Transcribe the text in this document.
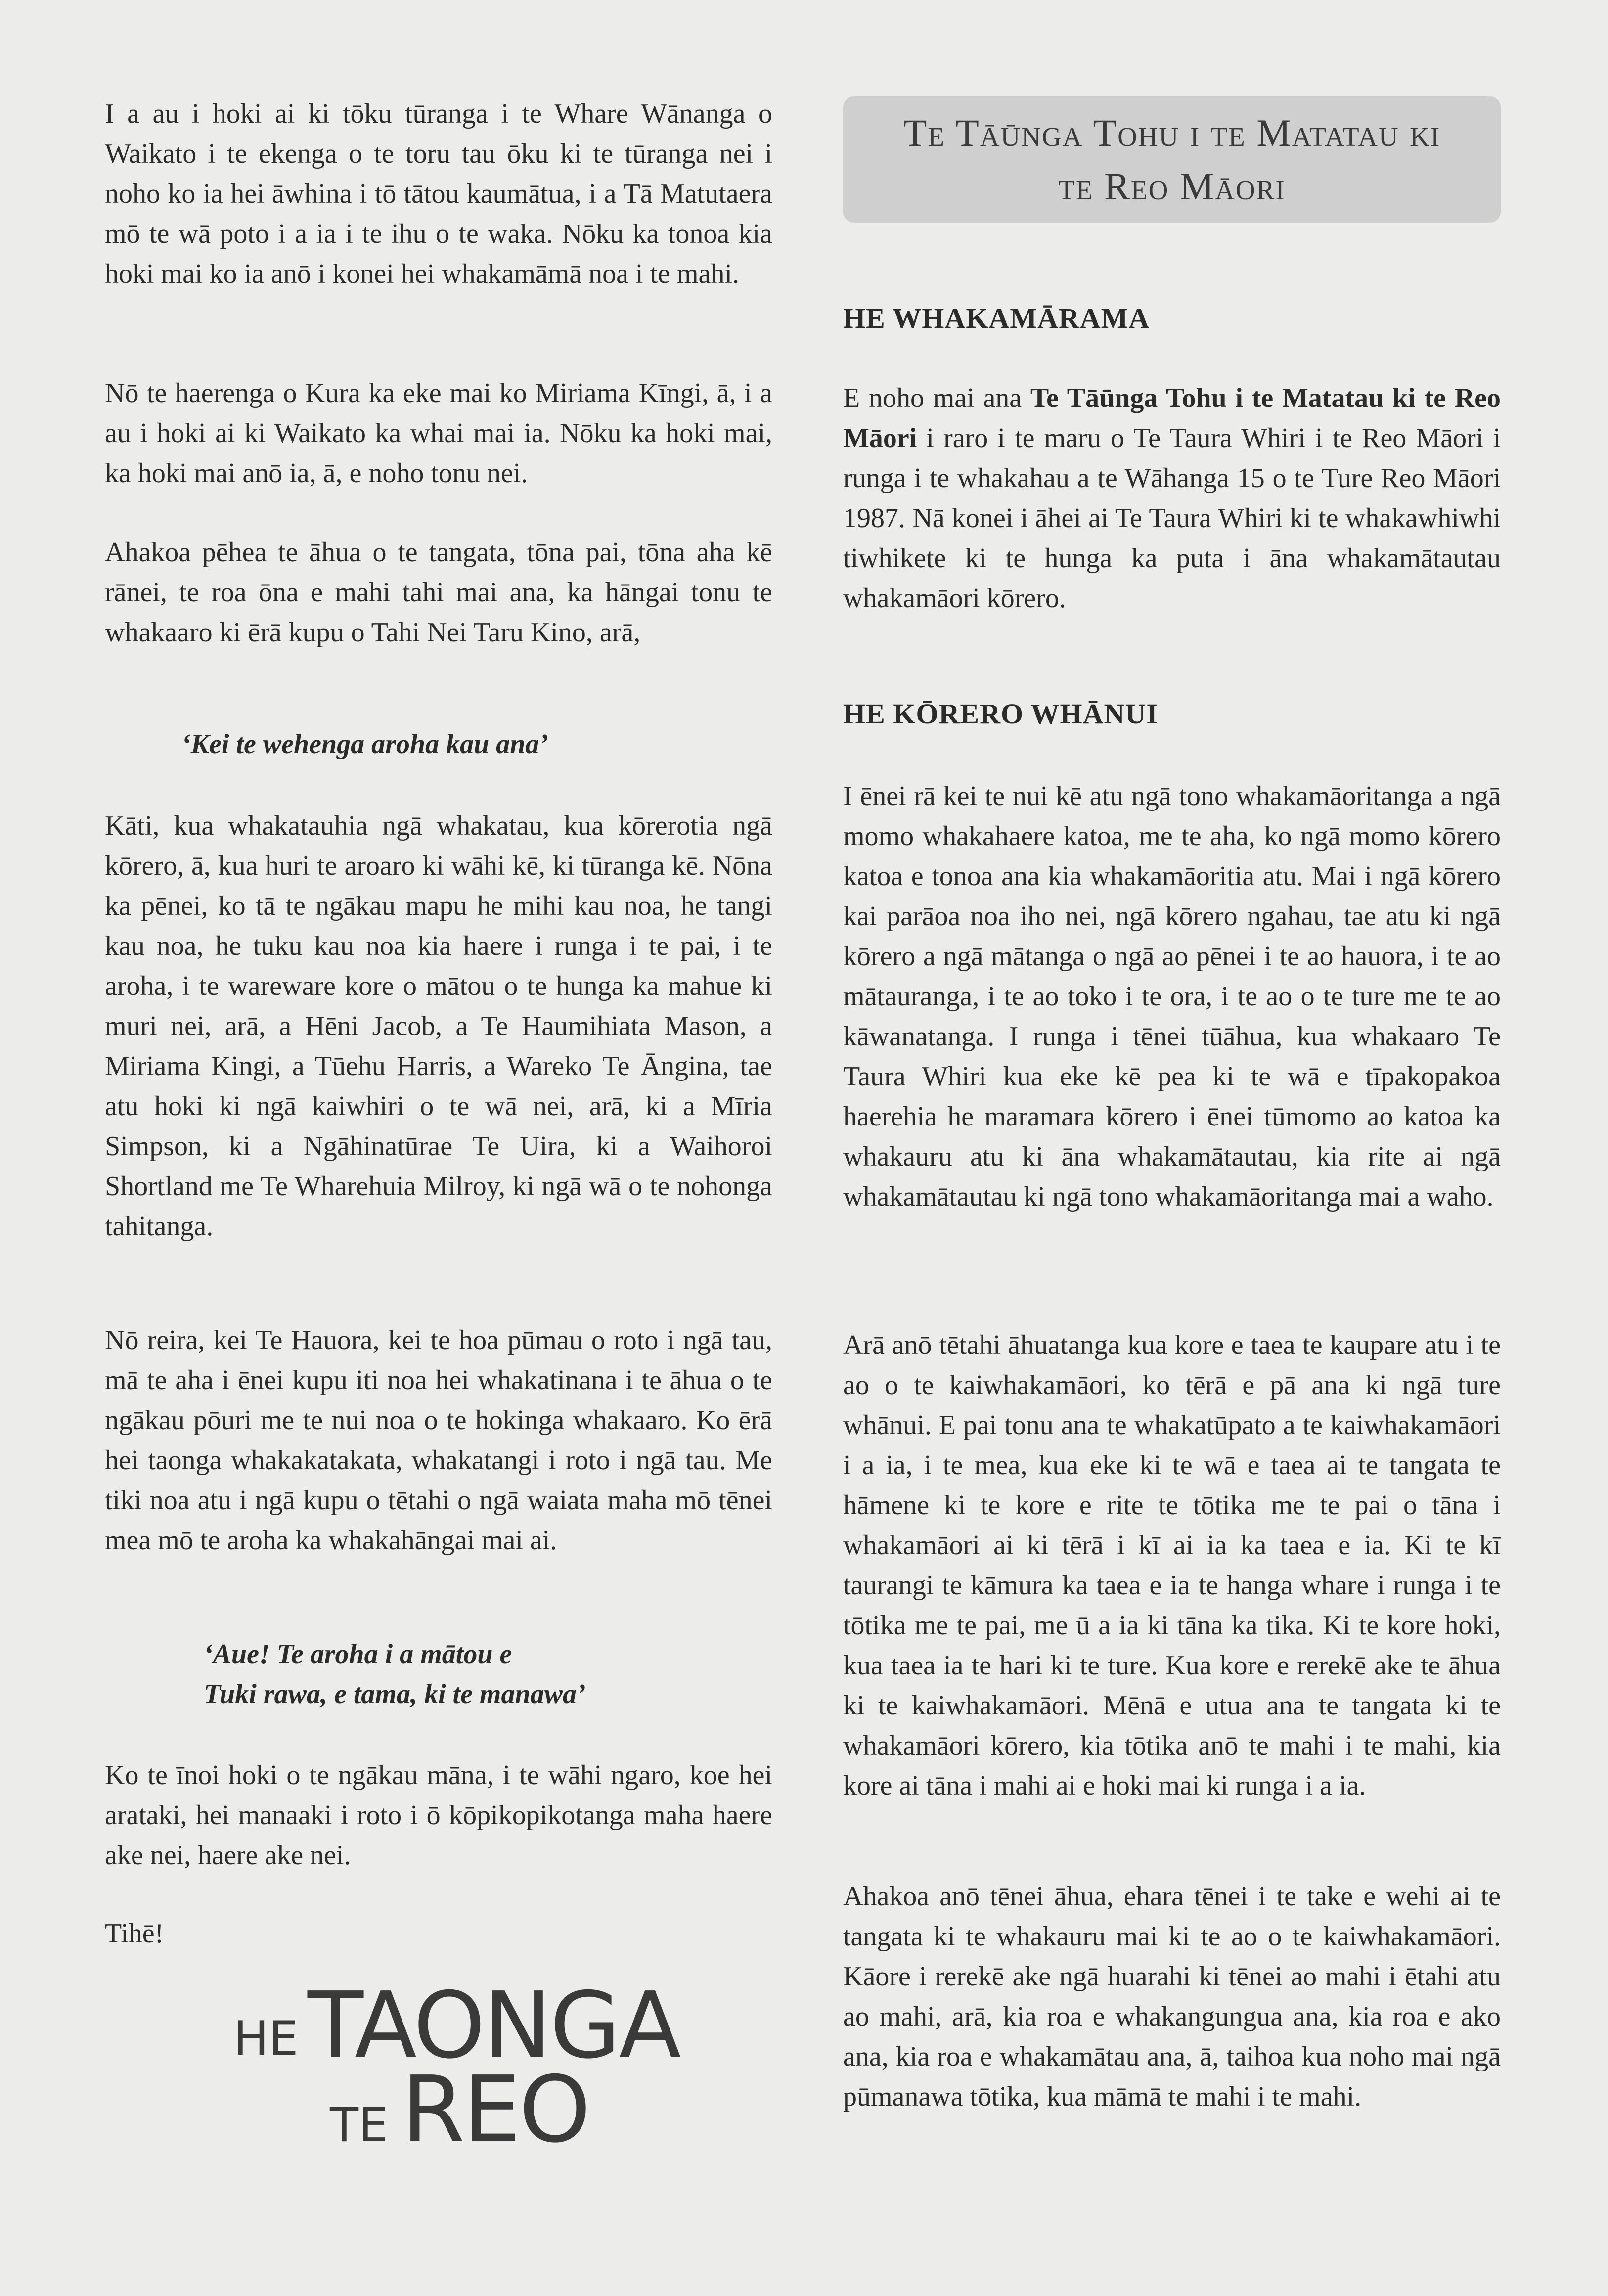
I a au i hoki ai ki tōku tūranga i te Whare Wānanga o Waikato i te ekenga o te toru tau ōku ki te tūranga nei i noho ko ia hei āwhina i tō tātou kaumātua, i a Tā Matutaera mō te wā poto i a ia i te ihu o te waka. Nōku ka tonoa kia hoki mai ko ia anō i konei hei whakamāmā noa i te mahi.

Nō te haerenga o Kura ka eke mai ko Miriama Kīngi, ā, i a au i hoki ai ki Waikato ka whai mai ia. Nōku ka hoki mai, ka hoki mai anō ia, ā, e noho tonu nei.

Ahakoa pēhea te āhua o te tangata, tōna pai, tōna aha kē rānei, te roa ōna e mahi tahi mai ana, ka hāngai tonu te whakaaro ki ērā kupu o Tahi Nei Taru Kino, arā,

‘Kei te wehenga aroha kau ana’

Kāti, kua whakatauhia ngā whakatau, kua kōrerotia ngā kōrero, ā, kua huri te aroaro ki wāhi kē, ki tūranga kē. Nōna ka pēnei, ko tā te ngākau mapu he mihi kau noa, he tangi kau noa, he tuku kau noa kia haere i runga i te pai, i te aroha, i te wareware kore o mātou o te hunga ka mahue ki muri nei, arā, a Hēni Jacob, a Te Haumihiata Mason, a Miriama Kingi, a Tūehu Harris, a Wareko Te Āngina, tae atu hoki ki ngā kaiwhiri o te wā nei, arā, ki a Mīria Simpson, ki a Ngāhinatūrae Te Uira, ki a Waihoroi Shortland me Te Wharehuia Milroy, ki ngā wā o te nohonga tahitanga.

Nō reira, kei Te Hauora, kei te hoa pūmau o roto i ngā tau, mā te aha i ēnei kupu iti noa hei whakatinana i te āhua o te ngākau pōuri me te nui noa o te hokinga whakaaro. Ko ērā hei taonga whakakatakata, whakatangi i roto i ngā tau. Me tiki noa atu i ngā kupu o tētahi o ngā waiata maha mō tēnei mea mō te aroha ka whakahāngai mai ai.

‘Aue! Te aroha i a mātou e

Tuki rawa, e tama, ki te manawa’

Ko te īnoi hoki o te ngākau māna, i te wāhi ngaro, koe hei arataki, hei manaaki i roto i ō kōpikopikotanga maha haere ake nei, haere ake nei.

Tihē!

HE TAONGA
TE REO
Te Tāūnga Tohu i te Matatau ki
te Reo Māori
HE WHAKAMĀRAMA

E noho mai ana Te Tāūnga Tohu i te Matatau ki te Reo Māori i raro i te maru o Te Taura Whiri i te Reo Māori i runga i te whakahau a te Wāhanga 15 o te Ture Reo Māori 1987. Nā konei i āhei ai Te Taura Whiri ki te whakawhiwhi tiwhikete ki te hunga ka puta i āna whakamātautau whakamāori kōrero.

HE KŌRERO WHĀNUI

I ēnei rā kei te nui kē atu ngā tono whakamāoritanga a ngā momo whakahaere katoa, me te aha, ko ngā momo kōrero katoa e tonoa ana kia whakamāoritia atu. Mai i ngā kōrero kai parāoa noa iho nei, ngā kōrero ngahau, tae atu ki ngā kōrero a ngā mātanga o ngā ao pēnei i te ao hauora, i te ao mātauranga, i te ao toko i te ora, i te ao o te ture me te ao kāwanatanga. I runga i tēnei tūāhua, kua whakaaro Te Taura Whiri kua eke kē pea ki te wā e tīpakopakoa haerehia he maramara kōrero i ēnei tūmomo ao katoa ka whakauru atu ki āna whakamātautau, kia rite ai ngā whakamātautau ki ngā tono whakamāoritanga mai a waho.

Arā anō tētahi āhuatanga kua kore e taea te kaupare atu i te ao o te kaiwhakamāori, ko tērā e pā ana ki ngā ture whānui. E pai tonu ana te whakatūpato a te kaiwhakamāori i a ia, i te mea, kua eke ki te wā e taea ai te tangata te hāmene ki te kore e rite te tōtika me te pai o tāna i whakamāori ai ki tērā i kī ai ia ka taea e ia. Ki te kī taurangi te kāmura ka taea e ia te hanga whare i runga i te tōtika me te pai, me ū a ia ki tāna ka tika. Ki te kore hoki, kua taea ia te hari ki te ture. Kua kore e rerekē ake te āhua ki te kaiwhakamāori. Mēnā e utua ana te tangata ki te whakamāori kōrero, kia tōtika anō te mahi i te mahi, kia kore ai tāna i mahi ai e hoki mai ki runga i a ia.

Ahakoa anō tēnei āhua, ehara tēnei i te take e wehi ai te tangata ki te whakauru mai ki te ao o te kaiwhakamāori. Kāore i rerekē ake ngā huarahi ki tēnei ao mahi i ētahi atu ao mahi, arā, kia roa e whakangungua ana, kia roa e ako ana, kia roa e whakamātau ana, ā, taihoa kua noho mai ngā pūmanawa tōtika, kua māmā te mahi i te mahi.
